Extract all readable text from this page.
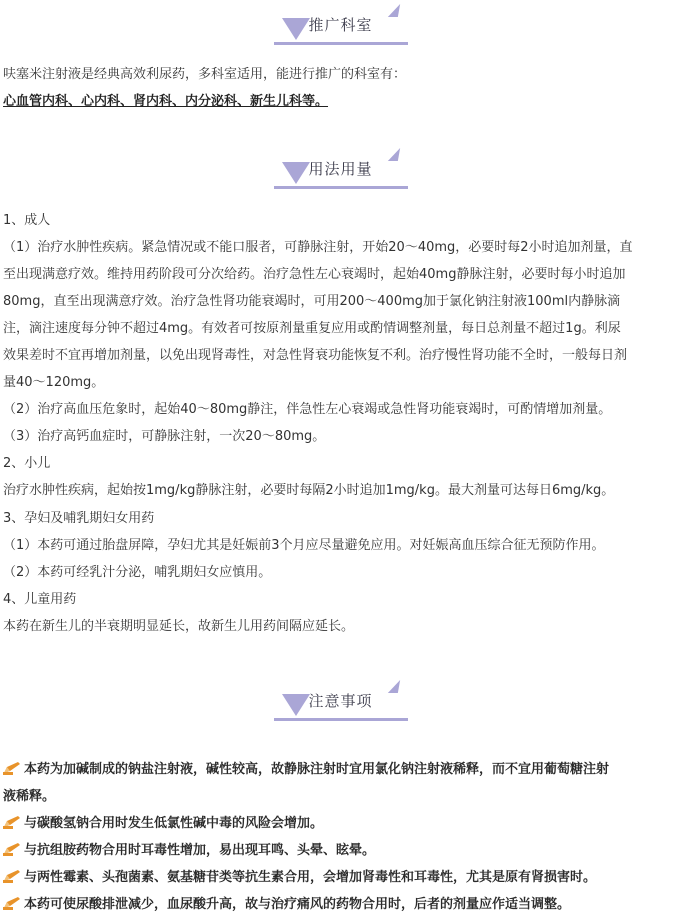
推广科室
呋塞米注射液是经典高效利尿药，多科室适用，能进行推广的科室有：
心血管内科、心内科、肾内科、内分泌科、新生儿科等。
用法用量
1、成人
（1）治疗水肿性疾病。紧急情况或不能口服者，可静脉注射，开始20～40mg，必要时每2小时追加剂量，直
至出现满意疗效。维持用药阶段可分次给药。治疗急性左心衰竭时，起始40mg静脉注射，必要时每小时追加
80mg，直至出现满意疗效。治疗急性肾功能衰竭时，可用200～400mg加于氯化钠注射液100ml内静脉滴
注，滴注速度每分钟不超过4mg。有效者可按原剂量重复应用或酌情调整剂量，每日总剂量不超过1g。利尿
效果差时不宜再增加剂量，以免出现肾毒性，对急性肾衰功能恢复不利。治疗慢性肾功能不全时，一般每日剂
量40～120mg。
（2）治疗高血压危象时，起始40～80mg静注，伴急性左心衰竭或急性肾功能衰竭时，可酌情增加剂量。
（3）治疗高钙血症时，可静脉注射，一次20～80mg。
2、小儿
治疗水肿性疾病，起始按1mg/kg静脉注射，必要时每隔2小时追加1mg/kg。最大剂量可达每日6mg/kg。
3、孕妇及哺乳期妇女用药
（1）本药可通过胎盘屏障，孕妇尤其是妊娠前3个月应尽量避免应用。对妊娠高血压综合征无预防作用。
（2）本药可经乳汁分泌，哺乳期妇女应慎用。
4、儿童用药
本药在新生儿的半衰期明显延长，故新生儿用药间隔应延长。
注意事项
本药为加碱制成的钠盐注射液，碱性较高，故静脉注射时宜用氯化钠注射液稀释，而不宜用葡萄糖注射
液稀释。
与碳酸氢钠合用时发生低氯性碱中毒的风险会增加。
与抗组胺药物合用时耳毒性增加，易出现耳鸣、头晕、眩晕。
与两性霉素、头孢菌素、氨基糖苷类等抗生素合用，会增加肾毒性和耳毒性，尤其是原有肾损害时。
本药可使尿酸排泄减少，血尿酸升高，故与治疗痛风的药物合用时，后者的剂量应作适当调整。
